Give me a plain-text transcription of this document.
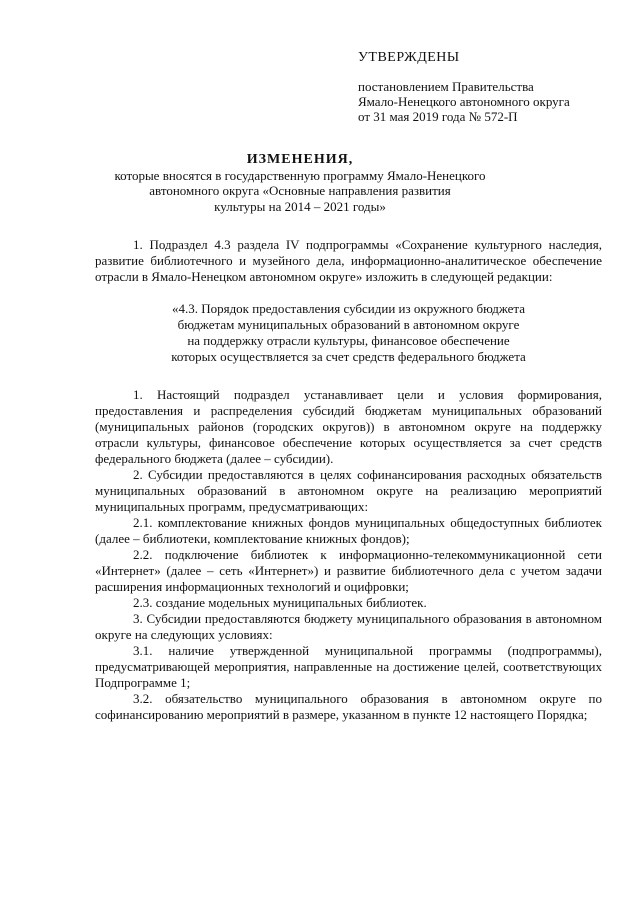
УТВЕРЖДЕНЫ
постановлением Правительства
Ямало-Ненецкого автономного округа
от 31 мая 2019 года № 572-П
ИЗМЕНЕНИЯ,
которые вносятся в государственную программу Ямало-Ненецкого
автономного округа «Основные направления развития
культуры на 2014 – 2021 годы»

1. Подраздел 4.3 раздела IV подпрограммы «Сохранение культурного наследия, развитие библиотечного и музейного дела, информационно-аналитическое обеспечение отрасли в Ямало-Ненецком автономном округе» изложить в следующей редакции:

«4.3. Порядок предоставления субсидии из окружного бюджета
бюджетам муниципальных образований в автономном округе
на поддержку отрасли культуры, финансовое обеспечение
которых осуществляется за счет средств федерального бюджета

1. Настоящий подраздел устанавливает цели и условия формирования, предоставления и распределения субсидий бюджетам муниципальных образований (муниципальных районов (городских округов)) в автономном округе на поддержку отрасли культуры, финансовое обеспечение которых осуществляется за счет средств федерального бюджета (далее – субсидии).

2. Субсидии предоставляются в целях софинансирования расходных обязательств муниципальных образований в автономном округе на реализацию мероприятий муниципальных программ, предусматривающих:

2.1. комплектование книжных фондов муниципальных общедоступных библиотек (далее – библиотеки, комплектование книжных фондов);

2.2. подключение библиотек к информационно-телекоммуникационной сети «Интернет» (далее – сеть «Интернет») и развитие библиотечного дела с учетом задачи расширения информационных технологий и оцифровки;

2.3. создание модельных муниципальных библиотек.

3. Субсидии предоставляются бюджету муниципального образования в автономном округе на следующих условиях:

3.1. наличие утвержденной муниципальной программы (подпрограммы), предусматривающей мероприятия, направленные на достижение целей, соответствующих Подпрограмме 1;

3.2. обязательство муниципального образования в автономном округе по софинансированию мероприятий в размере, указанном в пункте 12 настоящего Порядка;
